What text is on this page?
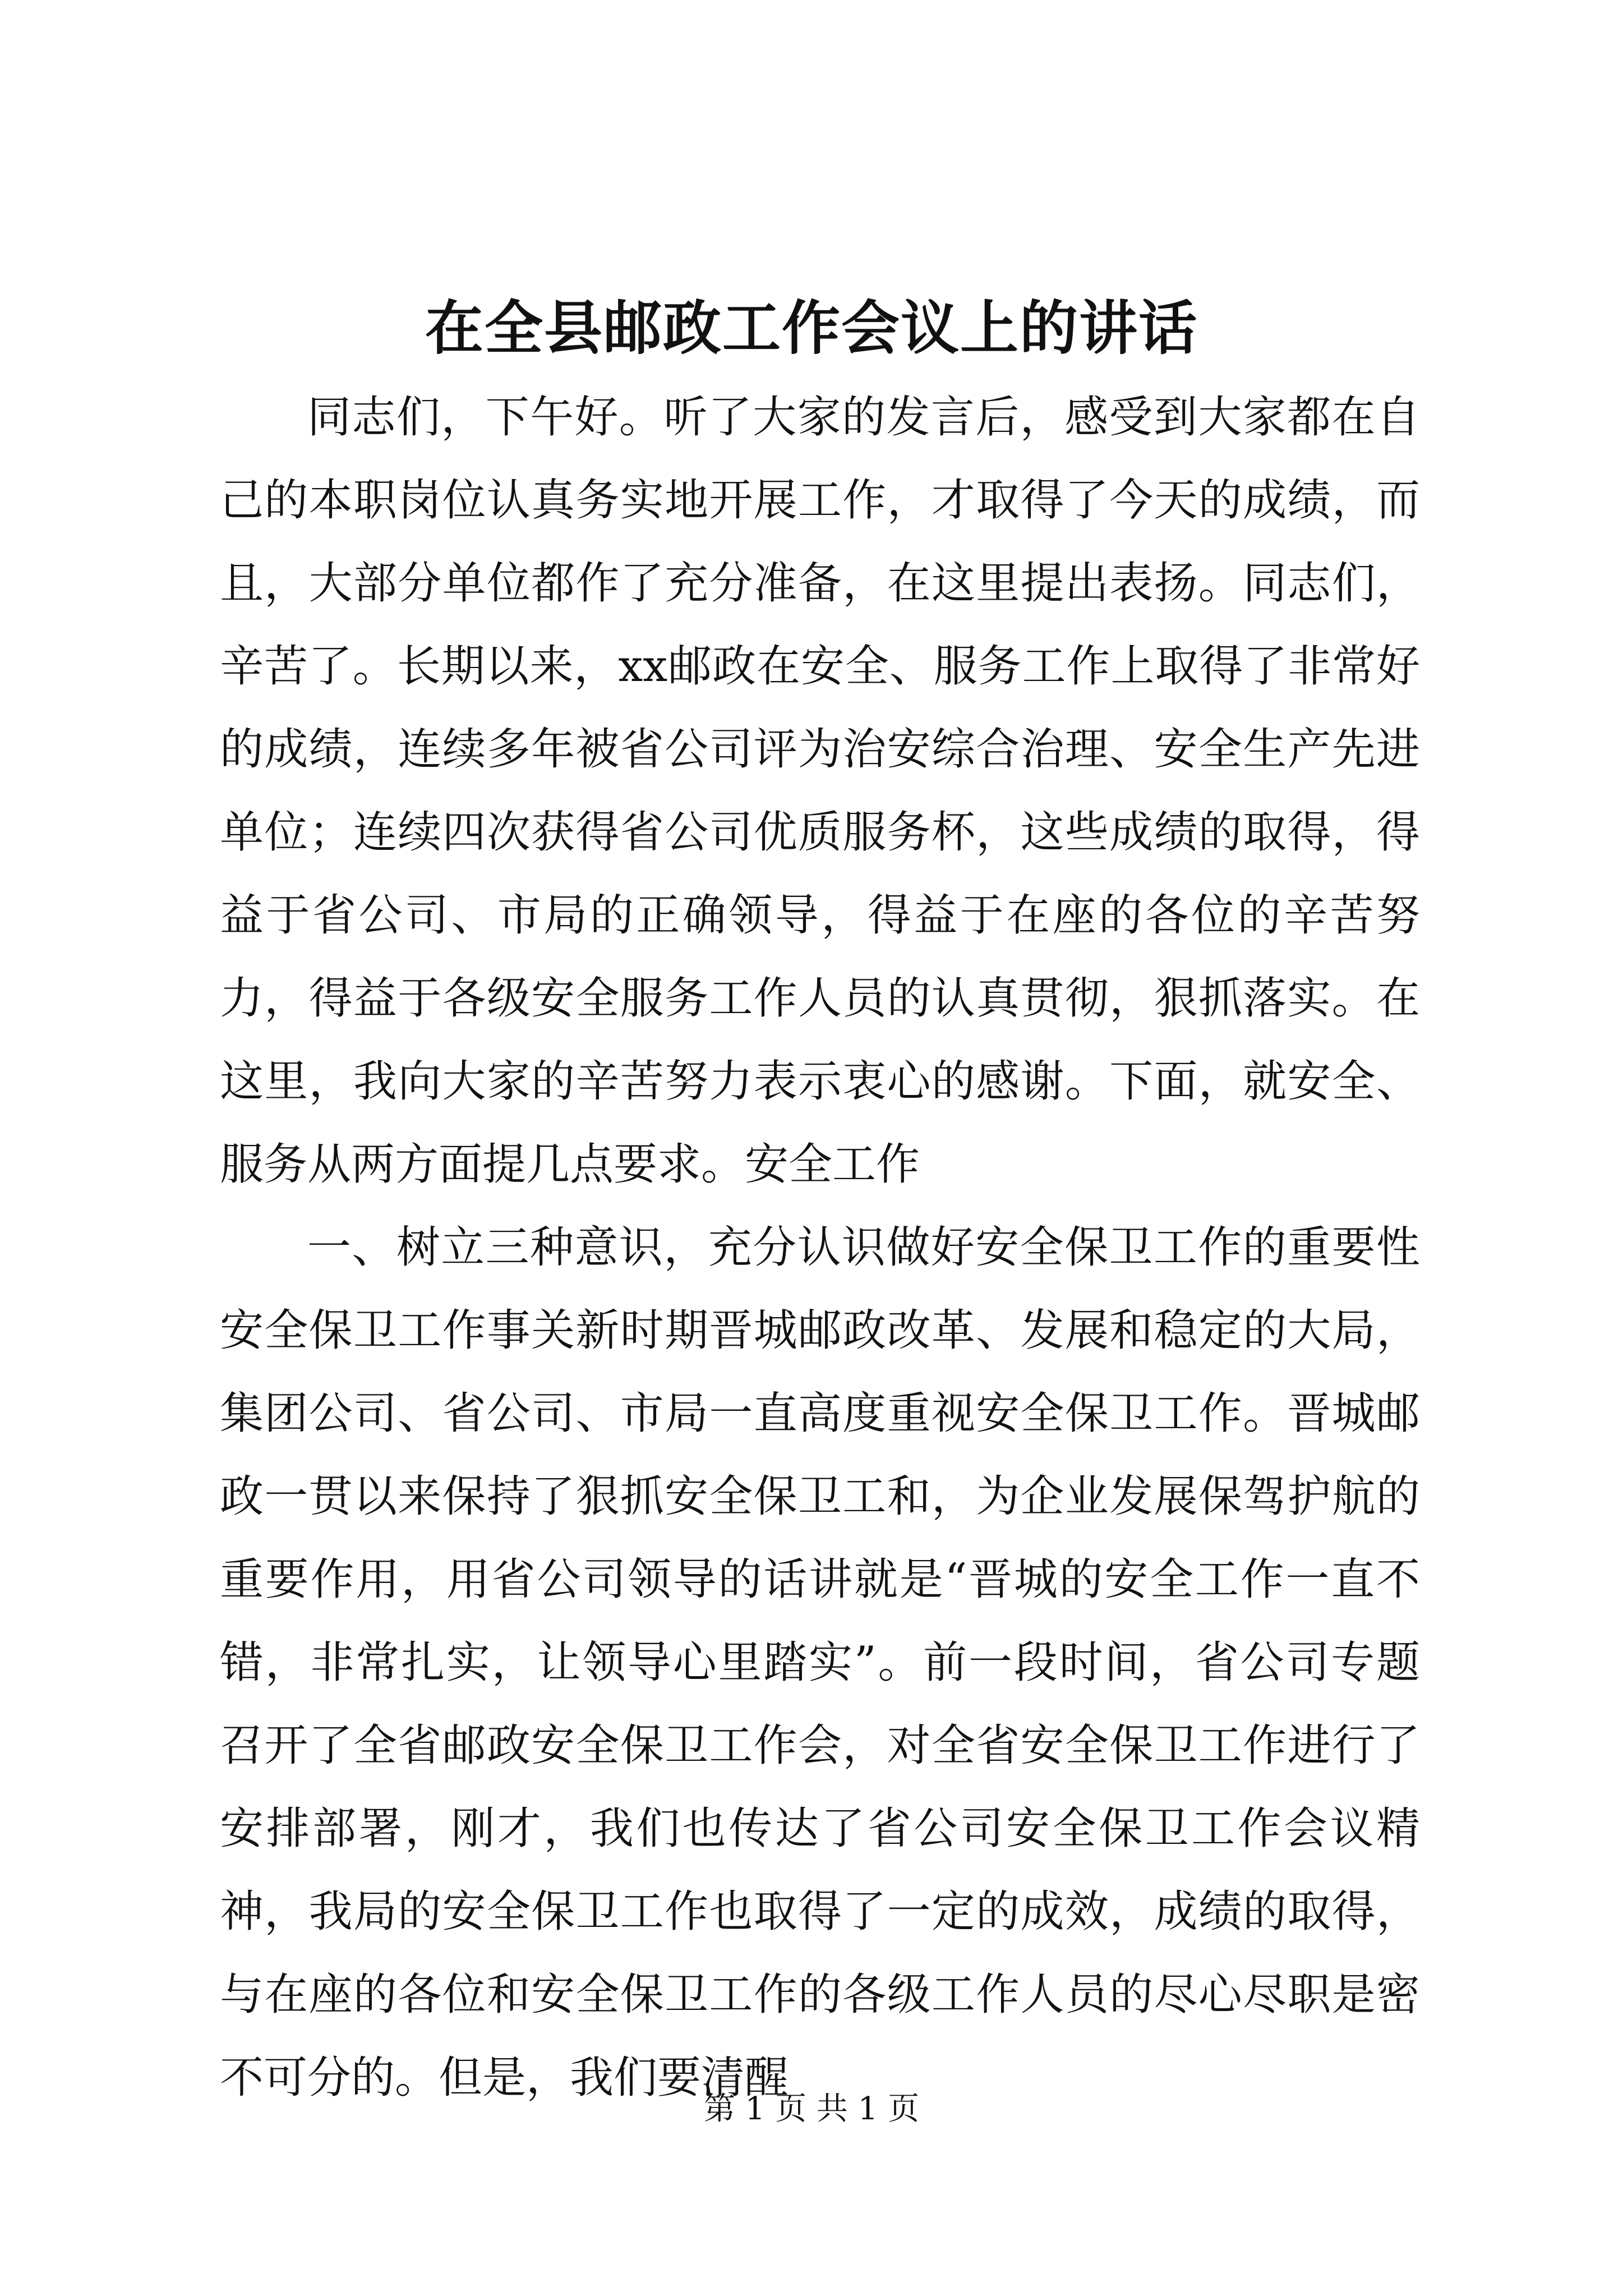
在全县邮政工作会议上的讲话

同志们，下午好。听了大家的发言后，感受到大家都在自己的本职岗位认真务实地开展工作，才取得了今天的成绩，而且，大部分单位都作了充分准备，在这里提出表扬。同志们，辛苦了。长期以来，xx邮政在安全、服务工作上取得了非常好的成绩，连续多年被省公司评为治安综合治理、安全生产先进单位；连续四次获得省公司优质服务杯，这些成绩的取得，得益于省公司、市局的正确领导，得益于在座的各位的辛苦努力，得益于各级安全服务工作人员的认真贯彻，狠抓落实。在这里，我向大家的辛苦努力表示衷心的感谢。下面，就安全、服务从两方面提几点要求。安全工作

一、树立三种意识，充分认识做好安全保卫工作的重要性安全保卫工作事关新时期晋城邮政改革、发展和稳定的大局，集团公司、省公司、市局一直高度重视安全保卫工作。晋城邮政一贯以来保持了狠抓安全保卫工和，为企业发展保驾护航的重要作用，用省公司领导的话讲就是“晋城的安全工作一直不错，非常扎实，让领导心里踏实”。前一段时间，省公司专题召开了全省邮政安全保卫工作会，对全省安全保卫工作进行了安排部署，刚才，我们也传达了省公司安全保卫工作会议精神，我局的安全保卫工作也取得了一定的成效，成绩的取得，与在座的各位和安全保卫工作的各级工作人员的尽心尽职是密不可分的。但是，我们要清醒

第 1 页 共 1 页
